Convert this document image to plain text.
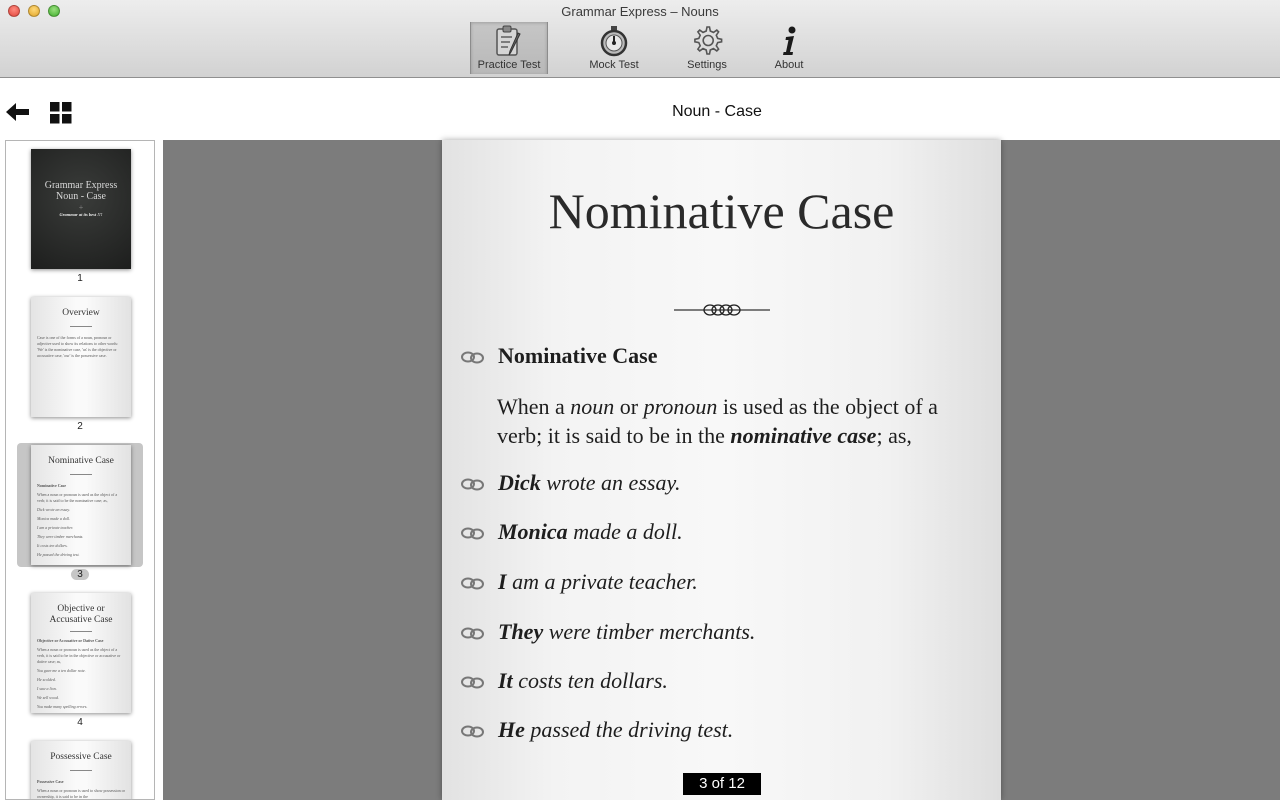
Grammar Express – Nouns
Practice Test	Mock Test	Settings	About
Noun - Case
Grammar Express
Noun - Case
+
Grammar at its best !!!
1
Overview
Case is one of the forms of a noun, pronoun or adjective used to show its relations to other words: 'We' is the nominative case, 'us' is the objective or accusative case, 'our' is the possessive case.
2
Nominative Case
Nominative Case
When a noun or pronoun is used as the object of a verb; it is said to be the nominative case; as,
Dick wrote an essay.
Monica made a doll.
I am a private teacher.
They were timber merchants.
It costs ten dollars.
He passed the driving test.
3
Objective or
Accusative Case
Objective or Accusative or Dative Case
When a noun or pronoun is used as the object of a verb, it is said to be in the objective or accusative or dative case; as,
You gave me a ten dollar note.
He scolded.
I saw a lion.
We sell wood.
You make many spelling errors.
4
Possessive Case
Possessive Case
When a noun or pronoun is used to show possession or ownership, it is said to be in the
Nominative Case
Nominative Case
When a noun or pronoun is used as the object of a verb; it is said to be in the nominative case; as,
Dick wrote an essay.
Monica made a doll.
I am a private teacher.
They were timber merchants.
It costs ten dollars.
He passed the driving test.
3 of 12
